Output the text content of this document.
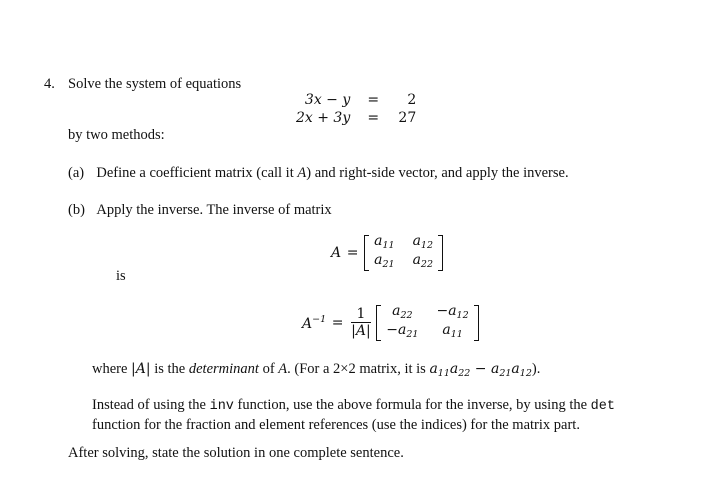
4. Solve the system of equations
3x − y	=	2
2x + 3y	=	27
by two methods:
(a) Define a coefficient matrix (call it A) and right-side vector, and apply the inverse.
(b) Apply the inverse. The inverse of matrix
A =
$a_{11}$	$a_{12}$
$a_{21}$	$a_{22}$
is
$A^{-1} = \frac{1}{|A|}$
$a_{22}$	$-a_{12}$
$-a_{21}$	$a_{11}$
where |A| is the determinant of A. (For a 2×2 matrix, it is $a_{11}a_{22} - a_{21}a_{12}$).
Instead of using the inv function, use the above formula for the inverse, by using the det
function for the fraction and element references (use the indices) for the matrix part.
After solving, state the solution in one complete sentence.
